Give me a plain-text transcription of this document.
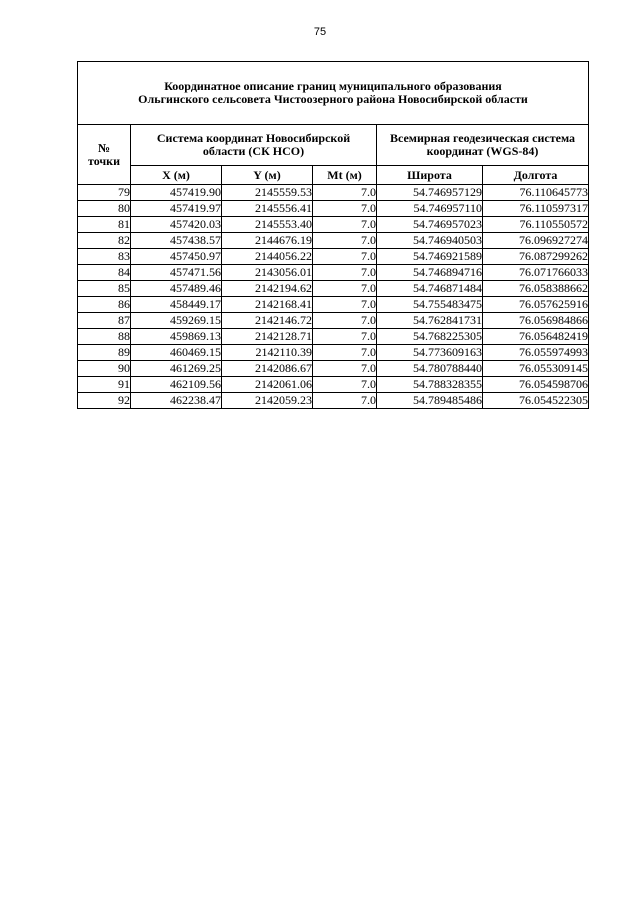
75
Координатное описание границ муниципального образования
Ольгинского сельсовета Чистоозерного района Новосибирской области					

№ точки	Система координат Новосибирской области (СК НСО)			Всемирная геодезическая система координат (WGS-84)	

	X (м)	Y (м)	Mt (м)	Широта	Долгота
79	457419.90	2145559.53	7.0	54.746957129	76.110645773
80	457419.97	2145556.41	7.0	54.746957110	76.110597317
81	457420.03	2145553.40	7.0	54.746957023	76.110550572
82	457438.57	2144676.19	7.0	54.746940503	76.096927274
83	457450.97	2144056.22	7.0	54.746921589	76.087299262
84	457471.56	2143056.01	7.0	54.746894716	76.071766033
85	457489.46	2142194.62	7.0	54.746871484	76.058388662
86	458449.17	2142168.41	7.0	54.755483475	76.057625916
87	459269.15	2142146.72	7.0	54.762841731	76.056984866
88	459869.13	2142128.71	7.0	54.768225305	76.056482419
89	460469.15	2142110.39	7.0	54.773609163	76.055974993
90	461269.25	2142086.67	7.0	54.780788440	76.055309145
91	462109.56	2142061.06	7.0	54.788328355	76.054598706
92	462238.47	2142059.23	7.0	54.789485486	76.054522305
